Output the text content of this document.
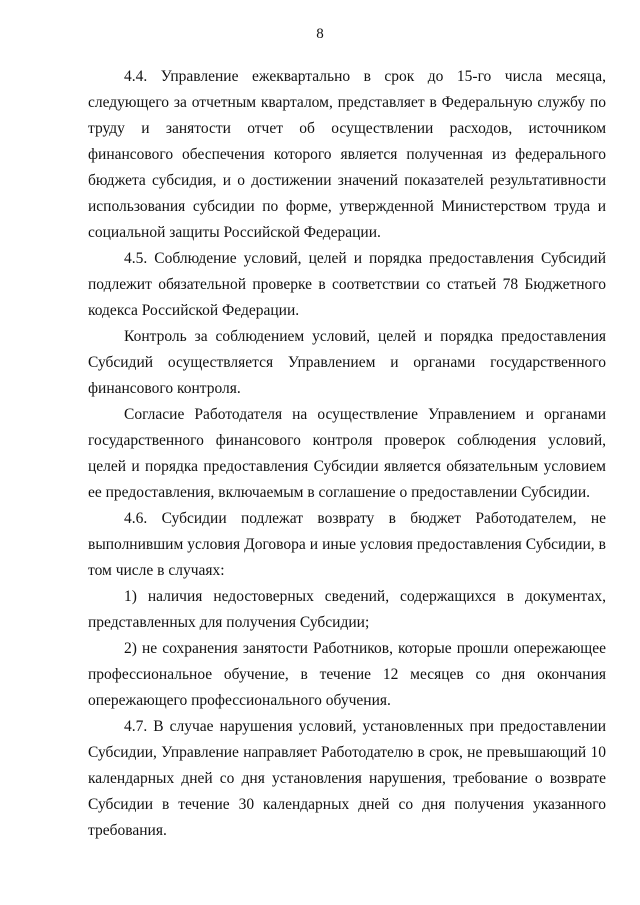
8

4.4. Управление ежеквартально в срок до 15-го числа месяца, следующего за отчетным кварталом, представляет в Федеральную службу по труду и занятости отчет об осуществлении расходов, источником финансового обеспечения которого является полученная из федерального бюджета субсидия, и о достижении значений показателей результативности использования субсидии по форме, утвержденной Министерством труда и социальной защиты Российской Федерации.

4.5. Соблюдение условий, целей и порядка предоставления Субсидий подлежит обязательной проверке в соответствии со статьей 78 Бюджетного кодекса Российской Федерации.

Контроль за соблюдением условий, целей и порядка предоставления Субсидий осуществляется Управлением и органами государственного финансового контроля.

Согласие Работодателя на осуществление Управлением и органами государственного финансового контроля проверок соблюдения условий, целей и порядка предоставления Субсидии является обязательным условием ее предоставления, включаемым в соглашение о предоставлении Субсидии.

4.6. Субсидии подлежат возврату в бюджет Работодателем, не выполнившим условия Договора и иные условия предоставления Субсидии, в том числе в случаях:

1) наличия недостоверных сведений, содержащихся в документах, представленных для получения Субсидии;

2) не сохранения занятости Работников, которые прошли опережающее профессиональное обучение, в течение 12 месяцев со дня окончания опережающего профессионального обучения.

4.7. В случае нарушения условий, установленных при предоставлении Субсидии, Управление направляет Работодателю в срок, не превышающий 10 календарных дней со дня установления нарушения, требование о возврате Субсидии в течение 30 календарных дней со дня получения указанного требования.
